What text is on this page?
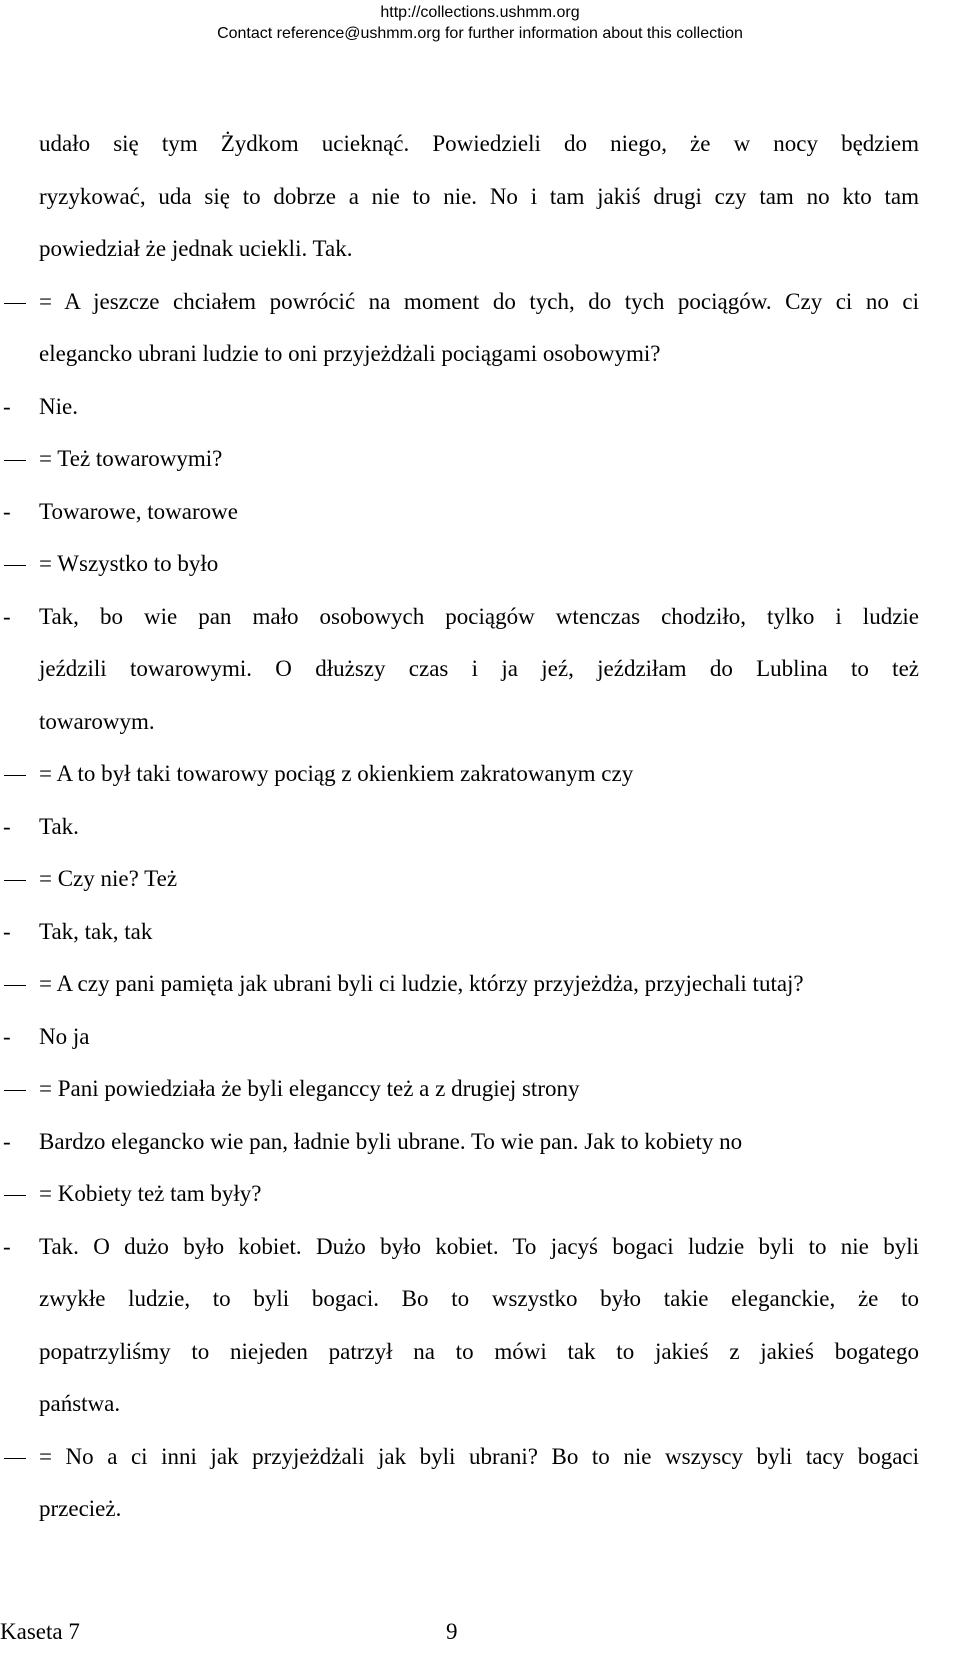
http://collections.ushmm.org
Contact reference@ushmm.org for further information about this collection
udało się tym Żydkom ucieknąć. Powiedzieli do niego, że w nocy będziem
ryzykować, uda się to dobrze a nie to nie. No i tam jakiś drugi czy tam no kto tam
powiedział że jednak uciekli. Tak.
= A jeszcze chciałem powrócić na moment do tych, do tych pociągów. Czy ci no ci
elegancko ubrani ludzie to oni przyjeżdżali pociągami osobowymi?
- Nie.
= Też towarowymi?
- Towarowe, towarowe
= Wszystko to było
- Tak, bo wie pan mało osobowych pociągów wtenczas chodziło, tylko i ludzie
jeździli towarowymi. O dłuższy czas i ja jeź, jeździłam do Lublina to też
towarowym.
= A to był taki towarowy pociąg z okienkiem zakratowanym czy
- Tak.
= Czy nie? Też
- Tak, tak, tak
= A czy pani pamięta jak ubrani byli ci ludzie, którzy przyjeżdża, przyjechali tutaj?
- No ja
= Pani powiedziała że byli eleganccy też a z drugiej strony
- Bardzo elegancko wie pan, ładnie byli ubrane. To wie pan. Jak to kobiety no
= Kobiety też tam były?
- Tak. O dużo było kobiet. Dużo było kobiet. To jacyś bogaci ludzie byli to nie byli
zwykłe ludzie, to byli bogaci. Bo to wszystko było takie eleganckie, że to
popatrzyliśmy to niejeden patrzył na to mówi tak to jakieś z jakieś bogatego
państwa.
= No a ci inni jak przyjeżdżali jak byli ubrani? Bo to nie wszyscy byli tacy bogaci
przecież.
Kaseta 7	9
